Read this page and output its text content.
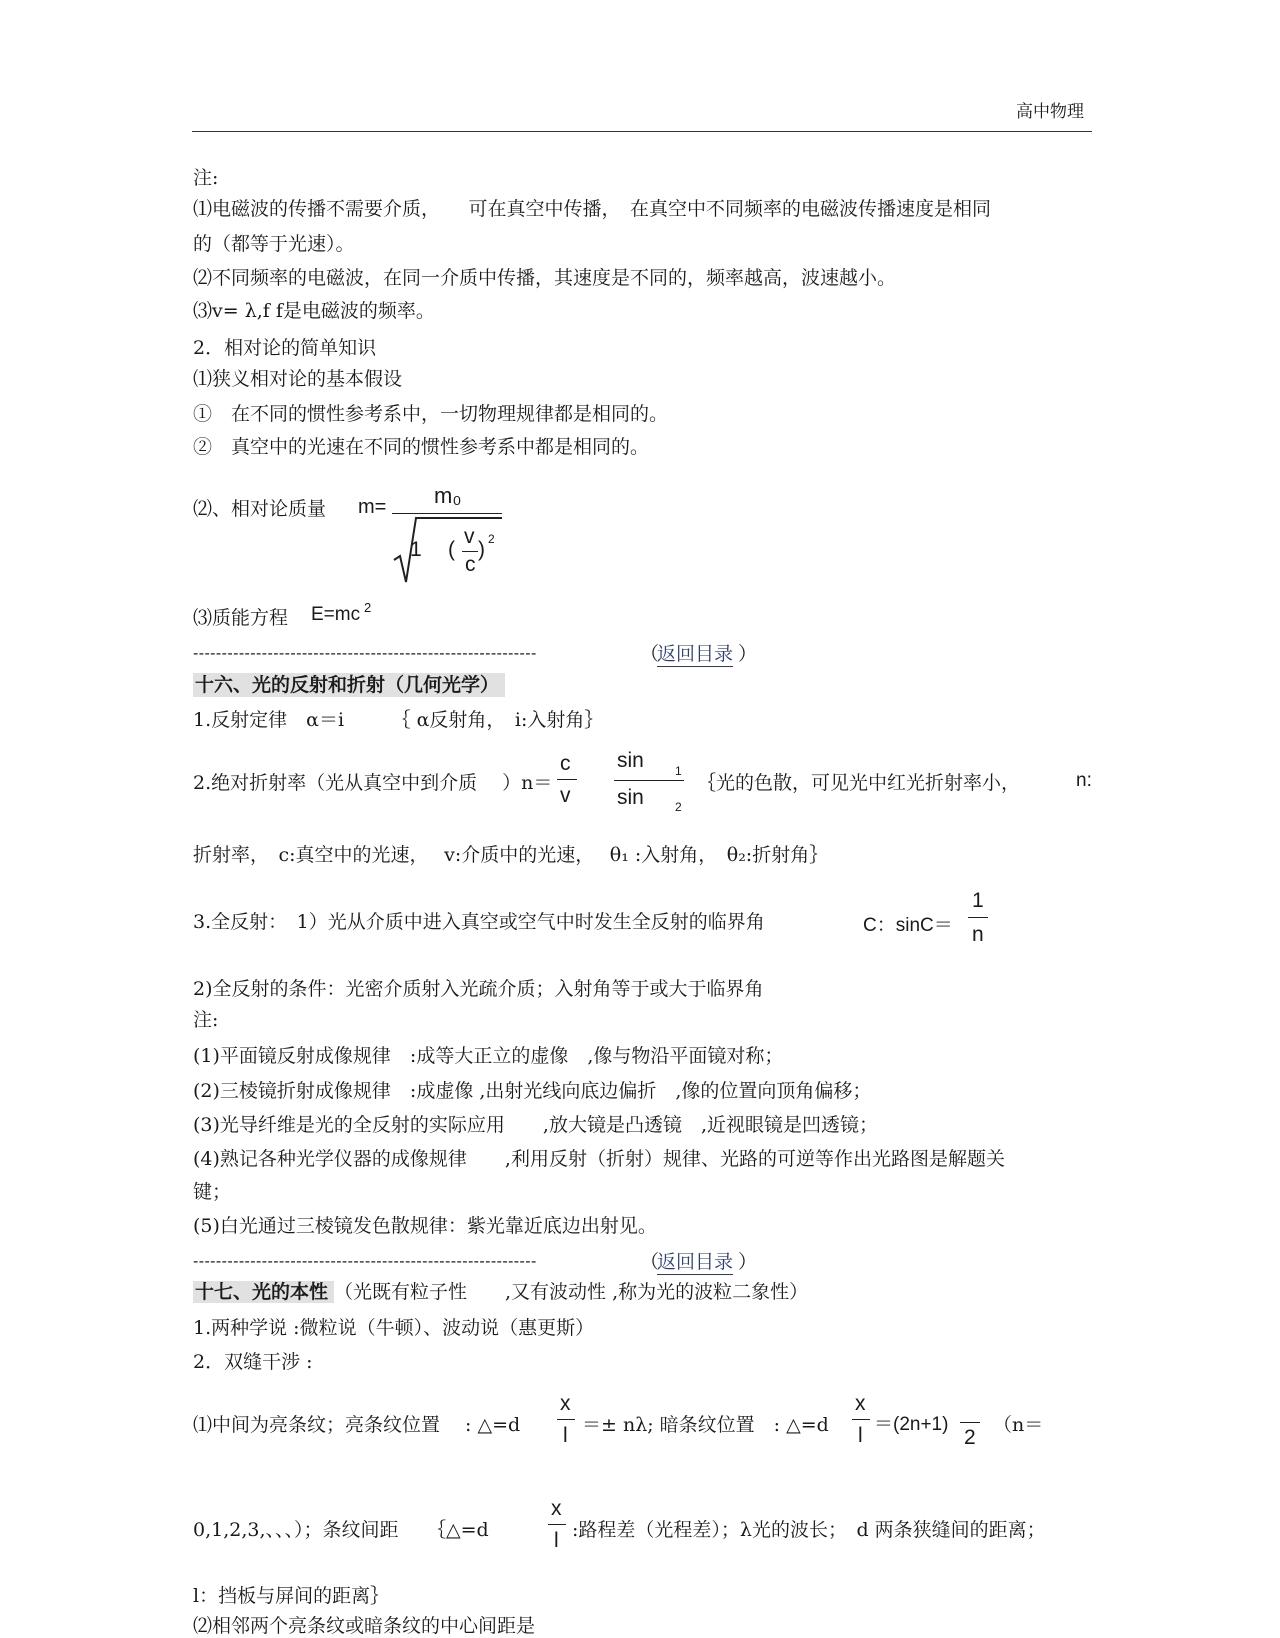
高中物理
注:
⑴电磁波的传播不需要介质，　　可在真空中传播，　在真空中不同频率的电磁波传播速度是相同
的（都等于光速）。
⑵不同频率的电磁波，在同一介质中传播，其速度是不同的，频率越高，波速越小。
⑶v= λ,f f是电磁波的频率。
2．相对论的简单知识
⑴狭义相对论的基本假设
①　在不同的惯性参考系中，一切物理规律都是相同的。
②　真空中的光速在不同的惯性参考系中都是相同的。
⑵、相对论质量 m= m₀
1 (
v
c
) 2
⑶质能方程 E=mc 2
------------------------------------------------------------	（
返回目录 ）
十六、光的反射和折射（几何光学）
1.反射定律　α＝i　　　｛ α反射角，　i:入射角｝
2.绝对折射率（光从真空中到介质　 ）n＝
c
v
sin	1
sin	2
｛光的色散，可见光中红光折射率小，	n:
折射率，　c:真空中的光速，　 v:介质中的光速，　 θ₁ :入射角，　θ₂:折射角｝
3.全反射：　1）光从介质中进入真空或空气中时发生全反射的临界角	C：sinC＝
1
n
2)全反射的条件：光密介质射入光疏介质；入射角等于或大于临界角
注:
(1)平面镜反射成像规律　:成等大正立的虚像　,像与物沿平面镜对称；
(2)三棱镜折射成像规律　:成虚像 ,出射光线向底边偏折　,像的位置向顶角偏移；
(3)光导纤维是光的全反射的实际应用　　,放大镜是凸透镜　,近视眼镜是凹透镜；
(4)熟记各种光学仪器的成像规律　　,利用反射（折射）规律、光路的可逆等作出光路图是解题关
键；
(5)白光通过三棱镜发色散规律：紫光靠近底边出射见。
------------------------------------------------------------	（
返回目录 ）
十七、光的本性 （光既有粒子性　　,又有波动性 ,称为光的波粒二象性）
1.两种学说 :微粒说（牛顿）、波动说（惠更斯）
2．双缝干涉 :
⑴中间为亮条纹；亮条纹位置　 : △=d
x
l ＝± nλ; 暗条纹位置　: △=d
x
l ＝(2n+1)
2
（n＝
0,1,2,3,、、、）；条纹间距　　｛△=d
x
l :路程差（光程差）；λ光的波长；　d 两条狭缝间的距离；
l：挡板与屏间的距离｝
⑵相邻两个亮条纹或暗条纹的中心间距是
